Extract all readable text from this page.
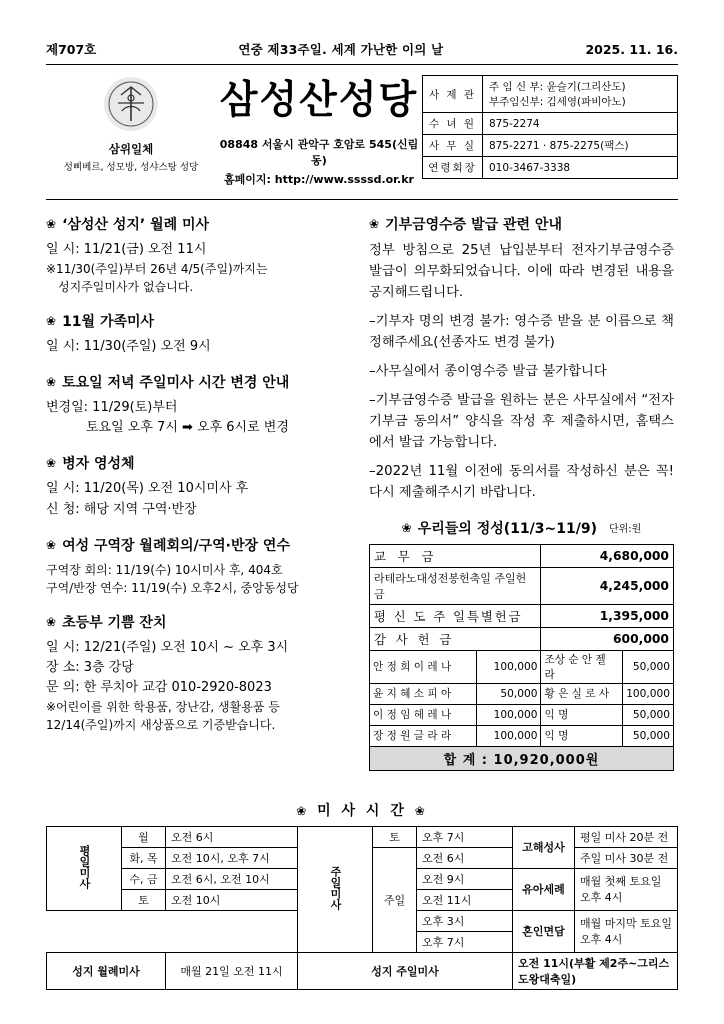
제707호	연중 제33주일. 세계 가난한 이의 날	2025. 11. 16.
삼위일체
성삐베르, 성모방, 성샤스탕 성당
삼성산성당
08848 서울시 관악구 호암로 545(신림동)
홈페이지: http://www.ssssd.or.kr
사 제 관	주 임 신 부: 윤슬기(그리산도)
부주임신부: 김세영(파비아노)

수 녀 원	875-2274
사 무 실	875-2271 · 875-2275(팩스)
연령회장	010-3467-3338
❀ ‘삼성산 성지’ 월례 미사
일 시: 11/21(금) 오전 11시
※11/30(주일)부터 26년 4/5(주일)까지는
성지주일미사가 없습니다.
❀ 11월 가족미사
일 시: 11/30(주일) 오전 9시
❀ 토요일 저녁 주일미사 시간 변경 안내
변경일: 11/29(토)부터
토요일 오후 7시 ➡ 오후 6시로 변경
❀ 병자 영성체
일 시: 11/20(목) 오전 10시미사 후
신 청: 해당 지역 구역·반장
❀ 여성 구역장 월례회의/구역·반장 연수
구역장 회의: 11/19(수) 10시미사 후, 404호
구역/반장 연수: 11/19(수) 오후2시, 중앙동성당
❀ 초등부 기쁨 잔치
일 시: 12/21(주일) 오전 10시 ~ 오후 3시
장 소: 3층 강당
문 의: 한 루치아 교감 010-2920-8023
※어린이를 위한 학용품, 장난감, 생활용품 등
12/14(주일)까지 새상품으로 기증받습니다.
❀ 기부금영수증 발급 관련 안내
정부 방침으로 25년 납입분부터 전자기부금영수증 발급이 의무화되었습니다. 이에 따라 변경된 내용을 공지해드립니다.
–기부자 명의 변경 불가: 영수증 받을 분 이름으로 책정해주세요(선종자도 변경 불가)
–사무실에서 종이영수증 발급 불가합니다
–기부금영수증 발급을 원하는 분은 사무실에서 “전자기부금 동의서” 양식을 작성 후 제출하시면, 홈택스에서 발급 가능합니다.
–2022년 11월 이전에 동의서를 작성하신 분은 꼭! 다시 제출해주시기 바랍니다.
❀ 우리들의 정성(11/3~11/9) 단위:원
교 무 금		4,680,000	
라테라노대성전봉헌축일 주일헌금		4,245,000	
평 신 도 주 일특별헌금		1,395,000	
감 사 헌 금		600,000	
안 정 희 이 레 나	100,000	조상 순 안 젤 라	50,000
윤 지 혜 소 피 아	50,000	황 은 실 로 사	100,000
이 정 임 헤 레 나	100,000	익 명	50,000
장 정 원 글 라 라	100,000	익 명	50,000
합 계 : 10,920,000원			
❀ 미 사 시 간 ❀
평일미사	월	오전 6시	주일미사	토	오후 7시	고해성사	평일 미사 20분 전
	화, 목	오전 10시, 오후 7시		주일	오전 6시		주일 미사 30분 전
	수, 금	오전 6시, 오전 10시			오전 9시	유아세례	매월 첫째 토요일 오후 4시
	토	오전 10시			오전 11시		
					오후 3시	혼인면담	매월 마지막 토요일 오후 4시
					오후 7시		
성지 월례미사		매월 21일 오전 11시	성지 주일미사			오전 11시(부활 제2주~그리스도왕대축일)	
